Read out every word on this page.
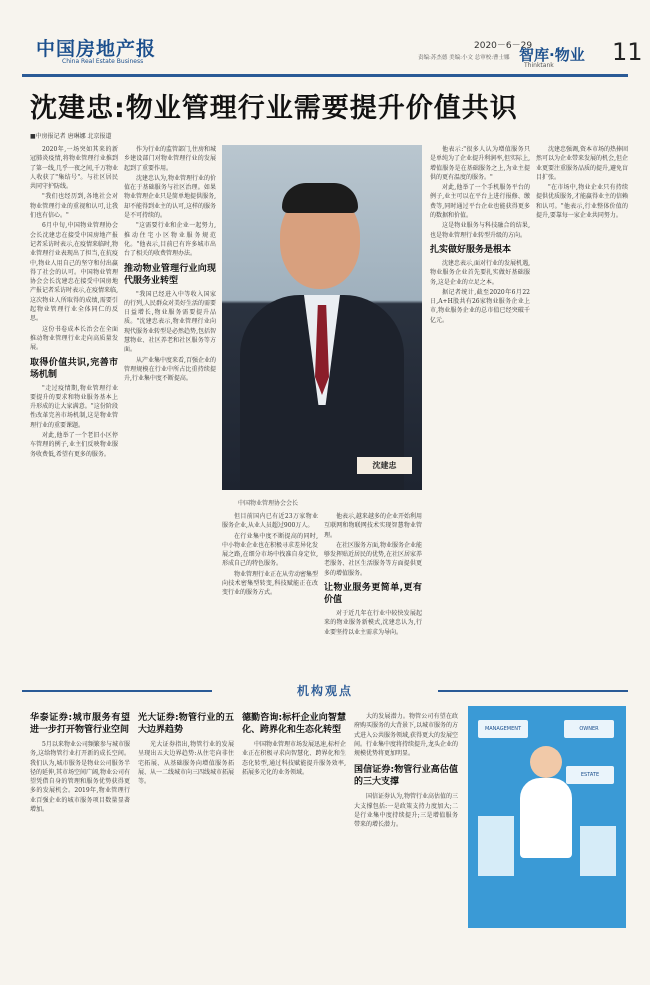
中国房地产报
China Real Estate Business
2020－6－29
责编:苏杰德 美编:小文 总审校:曹士娜 智库·物业
Thinktank 11
沈建忠:物业管理行业需要提升价值共识
■中房报记者 唐琳娜 北京报道

2020年,一场突如其来的新冠肺炎疫情,将物业管理行业推到了第一线,几乎一夜之间,千万物业人收获了"集结号"。与社区居民共同守护防线。

"我们也经历到,各地社会对物业管理行业的重视和认可,让我们也有信心。"

6月中旬,中国物业管理协会会长沈建忠在接受中国房地产报记者采访时表示,在疫情来临时,物业管理行业表现出了担当,在抗疫中,物业人用自己的坚守和付出赢得了社会的认可。中国物业管理协会会长沈建忠在接受中国房地产报记者采访时表示,在疫情来临,这次物业人所取得的成绩,需要引起物业管理行业全体同仁的反思。

这份书卷成本长治会在全面推动物业管理行业走向高质量发展。

取得价值共识,完善市场机制

"走过疫情期,物业管理行业要提升的要求和物业服务基本上升形成的让大家满意。"这份阶段性改革完善市场机制,这是物业管理行业的重要课题。

对此,他举了一个老旧小区停车管理的例子,业主们反映物业服务收费低,希望有更多的服务。

作为行业的监管部门,住房和城乡建设部门对物业管理行业的发展起到了重要作用。

沈建忠认为,物业管理行业的价值在于基础服务与社区治理。如果物业管理企业只是简单地提供服务,却不能得到业主的认可,这样的服务是不可持续的。

"这需要行业和企业一起努力,推动住宅小区物业服务规范化。"他表示,目前已有许多城市出台了相关的收费管理办法。

推动物业管理行业向现代服务业转型

"我国已经进入中等收入国家的行列,人民群众对美好生活的需要日益增长,物业服务需要提升品质。"沈建忠表示,物业管理行业向现代服务业转型是必然趋势,包括智慧物业、社区养老和社区服务等方面。

从产业集中度来看,百强企业的管理规模在行业中所占比重持续提升,行业集中度不断提高。

沈建忠
中国物业管理协会会长

但目前国内已有近23万家物业服务企业,从业人员超过900万人。

在行业集中度不断提高的同时,中小物业企业也在积极寻求差异化发展之路,在细分市场中找准自身定位,形成自己的特色服务。

物业管理行业正在从劳动密集型向技术密集型转变,科技赋能正在改变行业的服务方式。

他表示,越来越多的企业开始利用互联网和物联网技术实现智慧物业管理。

在社区服务方面,物业服务企业能够发挥贴近居民的优势,在社区居家养老服务、社区生活服务等方面提供更多的增值服务。

让物业服务更简单,更有价值

对于近几年在行业中较快发展起来的物业服务新模式,沈建忠认为,行业要坚持以业主需求为导向。

他表示:"很多人认为增值服务只是单纯为了企业提升利润率,但实际上,增值服务是在基础服务之上,为业主提供的更有温度的服务。"

对此,他举了一个手机服务平台的例子,业主可以在平台上进行报修、缴费等,同时通过平台企业也能获得更多的数据和价值。

这是物业服务与科技融合的结果,也是物业管理行业转型升级的方向。

扎实做好服务是根本

沈建忠表示,面对行业的发展机遇,物业服务企业首先要扎实做好基础服务,这是企业的立足之本。

据记者统计,截至2020年6月22日,A+H股共有26家物业服务企业上市,物业服务企业的总市值已经突破千亿元。

沈建忠强调,资本市场的热捧固然可以为企业带来发展的机会,但企业更要注重服务品质的提升,避免盲目扩张。

"在市场中,物业企业只有持续提供优质服务,才能赢得业主的信赖和认可。"他表示,行业整体价值的提升,要靠每一家企业共同努力。

机构观点
华泰证券:城市服务有望进一步打开物管行业空间

5月以来物业公司频繁参与城市服务,这给物管行业打开新的成长空间。我们认为,城市服务是物业公司服务半径的延伸,其市场空间广阔,物业公司有望凭借自身的管理和服务优势获得更多的发展机会。2019年,物业管理行业百强企业的城市服务项目数量显著增加。

光大证券:物管行业的五大边界趋势

光大证券指出,物管行业的发展呈现出五大边界趋势:从住宅向非住宅拓展、从基础服务向增值服务拓展、从一二线城市向三四线城市拓展等。

德勤咨询:标杆企业向智慧化、跨界化和生态化转型

中国物业管理市场发展迅速,标杆企业正在积极寻求向智慧化、跨界化和生态化转型,通过科技赋能提升服务效率,拓展多元化的业务领域。

大的发展潜力。物管公司有望在政府购买服务的大背景下,以城市服务的方式进入公共服务领域,获得更大的发展空间。行业集中度将持续提升,龙头企业的规模优势将更加明显。

国信证券:物管行业高估值的三大支撑

国信证券认为,物管行业高估值的三大支撑包括:一是政策支持力度加大;二是行业集中度持续提升;三是增值服务带来的增长潜力。

MANAGEMENT	OWNER
ESTATE
